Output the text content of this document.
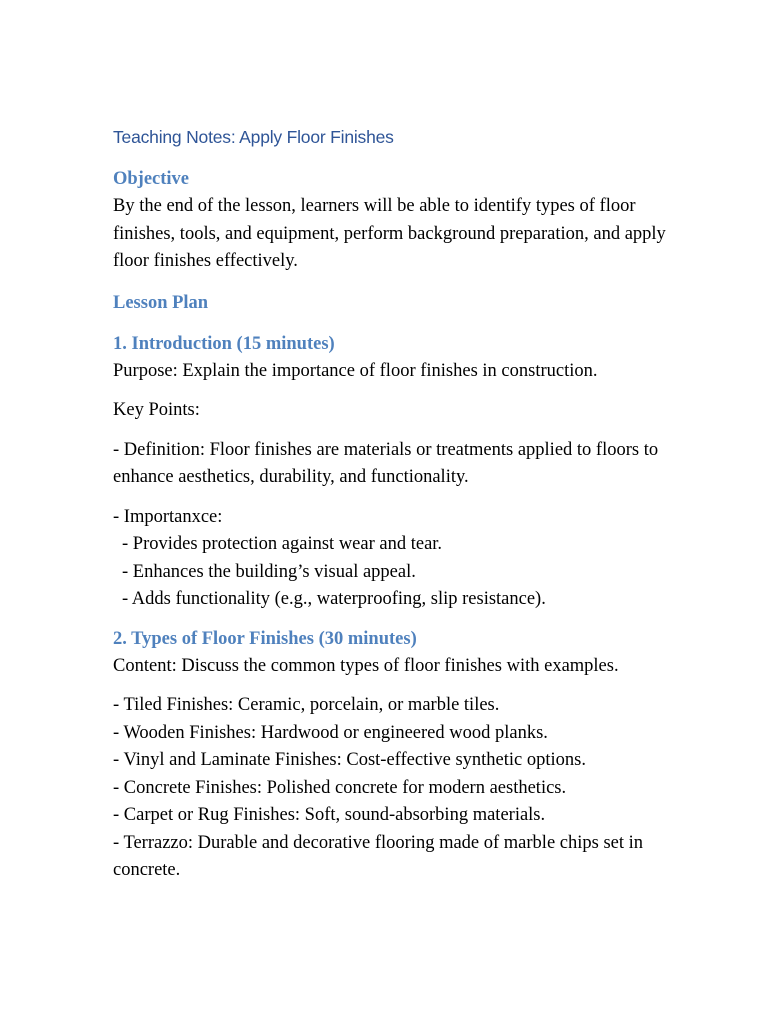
Teaching Notes: Apply Floor Finishes
Objective

By the end of the lesson, learners will be able to identify types of floor finishes, tools, and equipment, perform background preparation, and apply floor finishes effectively.

Lesson Plan
1. Introduction (15 minutes)

Purpose: Explain the importance of floor finishes in construction.

Key Points:

- Definition: Floor finishes are materials or treatments applied to floors to enhance aesthetics, durability, and functionality.

- Importanxce:

- Provides protection against wear and tear.

- Enhances the building’s visual appeal.

- Adds functionality (e.g., waterproofing, slip resistance).

2. Types of Floor Finishes (30 minutes)

Content: Discuss the common types of floor finishes with examples.

- Tiled Finishes: Ceramic, porcelain, or marble tiles.

- Wooden Finishes: Hardwood or engineered wood planks.

- Vinyl and Laminate Finishes: Cost-effective synthetic options.

- Concrete Finishes: Polished concrete for modern aesthetics.

- Carpet or Rug Finishes: Soft, sound-absorbing materials.

- Terrazzo: Durable and decorative flooring made of marble chips set in concrete.
